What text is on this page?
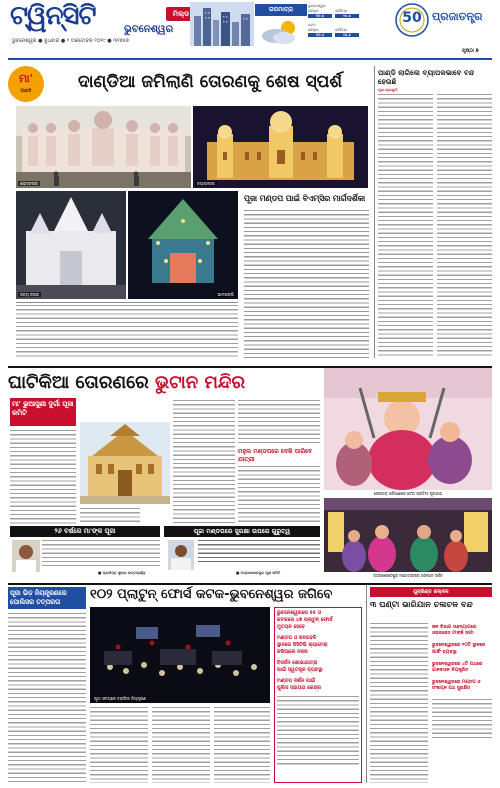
ଟ୍ୱିନ୍‌ସିଟି	ମିଲ୍‌ଡ
ଭୁବନେଶ୍ୱର
ଭୁବନେଶ୍ୱର ● ବୁଧବାର ● ୨ ଅକ୍ଟୋବର ୨୦୧୯ ● ୩୧୭୫୭
ତାପମାତ୍ରା	ଭୁବନେଶ୍ୱର
ସର୍ବାଧିକ	ସର୍ବନିମ୍ନ
୩୨.୫	୨୪.୫
କଟକ
ସର୍ବାଧିକ	ସର୍ବନିମ୍ନ
୩୨.୬	୨୫.୫
50 ପ୍ରଜାତନ୍ତ୍ର
ପୃଷ୍ଠା ୭
ମା'
ଆରତି	ଦାଣ୍ଡିଆ ଜମିଲାଣି ତୋରଣକୁ ଶେଷ ସ୍ପର୍ଶ
ଶହୀଦନଗର	ନୟାପଲ୍ଲୀ
ସତ୍ୟ ନଗର	ଭୀମତାଙ୍ଗି
ପୂଜା ମଣ୍ଡପ ପାଇଁ ବିଏମ୍‌ସିର ମାର୍ଗଦର୍ଶିକା
ପାଣ୍ଡି ଲାଗିଲେ ବ୍ୟାପକଭାବେ ବନ୍ଦ ହେଉଛି
ପୂଜା ପ୍ରସ୍ତୁତି
ଘାଟିକିଆ ତୋରଣରେ ଭୁଟାନ ମନ୍ଦିର
ମା' ଭୁଆସୁଣୀ ଦୁର୍ଗା ପୂଜା କମିଟି
ମହୁଲ ମଣ୍ଡପରେ ଦେଖି ପାରିବେ ଯାତ୍ରୀ
ସୋରଗଡ଼ ଖରିଆଣରେ ଦେବୀ ପ୍ରତିମା ପୂଜାପାଠ
ଚନ୍ଦ୍ରଶେଖରପୁର ମହୋତ୍ସବରେ ରଙ୍ଗୀନ ଦର୍ଶନ
୨୬ ବର୍ଷରେ ମା'ଙ୍କ ପୂଜା
■ ପ୍ରଦୀପ୍ତ କୁମାର ଭଟ୍ଟାଚାର୍ଯ୍ୟ
ପୂଜା ମଣ୍ଡପରେ ସୁରକ୍ଷା ଉପରେ ଗୁରୁତ୍ୱ
■ ଚନ୍ଦ୍ରଶେଖରପୁର ପୂଜା କମିଟି
ପୂଜା ଭିଡ଼ ନିୟନ୍ତ୍ରଣରେ ପୋଲିସର ତତ୍ପରତା	୧୦୨ ପ୍ଲାଟୁନ୍ ଫୋର୍ସ କଟକ-ଭୁବନେଶ୍ୱର ଜଗିବେ
ପୂଜା ସମୟରେ ଟ୍ରାଫିକ ନିୟନ୍ତ୍ରଣ
ଭୁବନେଶ୍ୱରରେ ୫୫ ଓ
କଟକରେ ୪୭ ପ୍ଲାଟୁନ୍ ଫୋର୍ସ
ମୁତୟନ ହେବେ
ମଣ୍ଡପ ଓ ଜନଗହଳି
ସ୍ଥାନରେ ସିସିଟିଭି କ୍ୟାମେରା
ଜରିଆରେ ନଜର
ବିସର୍ଜନ ଶୋଭାଯାତ୍ରା
ପାଇଁ ସ୍ୱତନ୍ତ୍ର ବ୍ୟବସ୍ଥା
ମଣ୍ଡପ ଦର୍ଶନ ପାଇଁ
ପୁଲିସ ସହାୟତା କେନ୍ଦ୍ର
ଗୁଜ୍‌ରିଣ୍ଡ କଲ୍‌ଦଳ
୩ ଘଣ୍ଟା ଭାରିଯାନ ଚଳାଚଳ ବନ୍ଦ
ଜଳ ବିଭାଗ ଉଦ୍ୟୋଗରେ ଓଭରହେଡ ଟାଙ୍କି ସଫା
ଭୁବନେଶ୍ୱରରେ ୧୦ଟି ସ୍ଥାନରେ ପାର୍କିଂ ବ୍ୟବସ୍ଥା
ଭୁବନେଶ୍ୱରରେ ୪ଟି ପଥରେ ଯାନବାହନ ନିୟନ୍ତ୍ରିତ
ଭୁବନେଶ୍ୱରରେ ମଣ୍ଡପ ଓ ସଂଲଗ୍ନ ପଥ ସୁରକ୍ଷିତ
